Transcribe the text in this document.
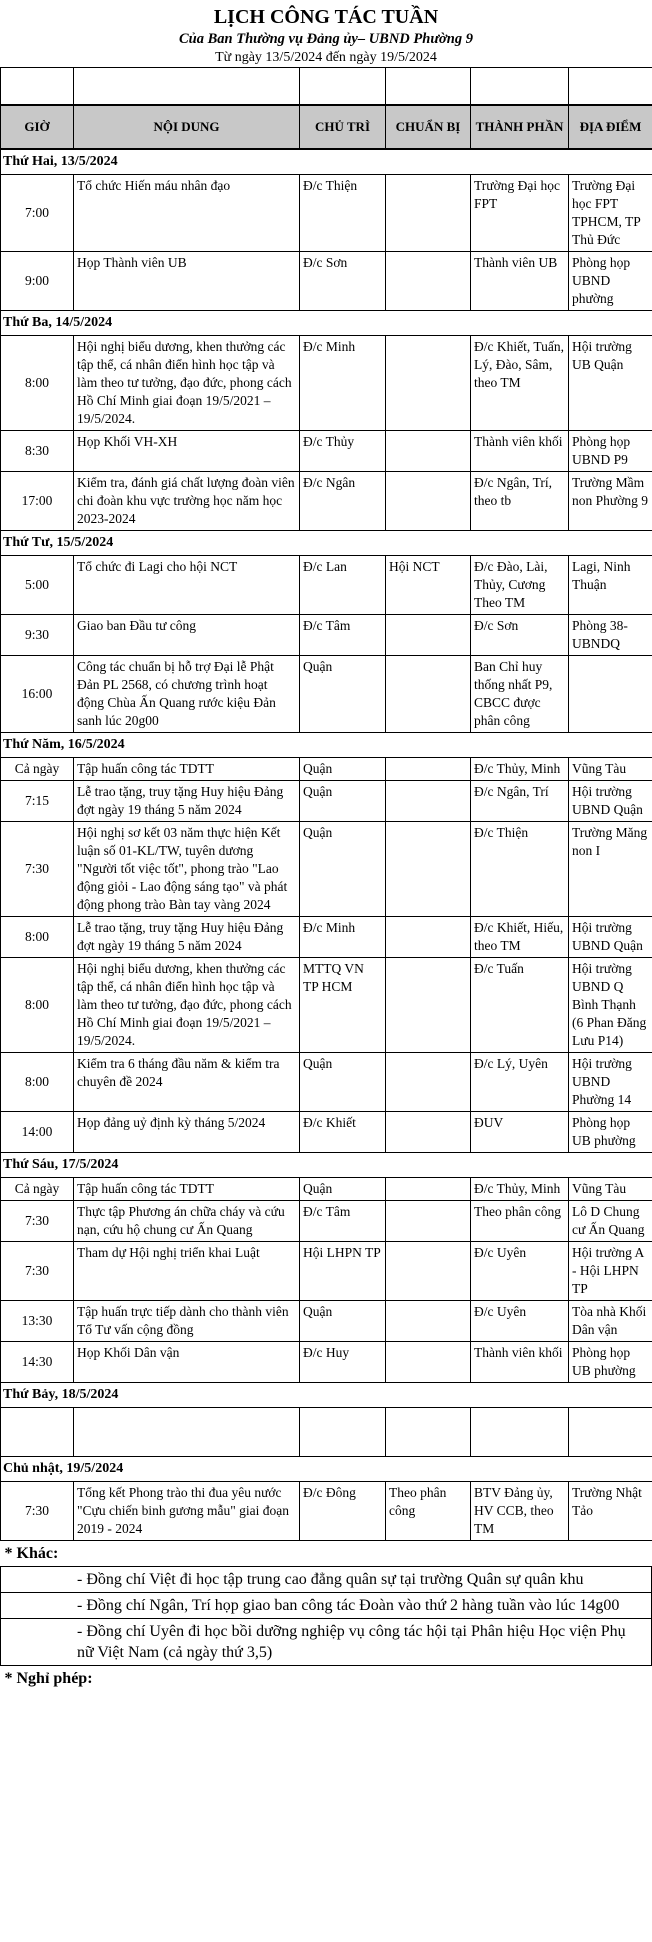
LỊCH CÔNG TÁC TUẦN
Của Ban Thường vụ Đảng ủy– UBND Phường 9
Từ ngày 13/5/2024 đến ngày 19/5/2024

GIỜ	NỘI DUNG	CHỦ TRÌ	CHUẨN BỊ	THÀNH PHẦN	ĐỊA ĐIỂM
Thứ Hai, 13/5/2024					
7:00	Tổ chức Hiến máu nhân đạo	Đ/c Thiện		Trường Đại học FPT	Trường Đại học FPT TPHCM, TP Thủ Đức
9:00	Họp Thành viên UB	Đ/c Sơn		Thành viên UB	Phòng họp UBND phường
Thứ Ba, 14/5/2024					
8:00	Hội nghị biểu dương, khen thưởng các tập thể, cá nhân điển hình học tập và làm theo tư tưởng, đạo đức, phong cách Hồ Chí Minh giai đoạn 19/5/2021 – 19/5/2024.	Đ/c Minh		Đ/c Khiết, Tuấn, Lý, Đào, Sâm, theo TM	Hội trường UB Quận
8:30	Họp Khối VH-XH	Đ/c Thủy		Thành viên khối	Phòng họp UBND P9
17:00	Kiểm tra, đánh giá chất lượng đoàn viên chi đoàn khu vực trường học năm học 2023-2024	Đ/c Ngân		Đ/c Ngân, Trí, theo tb	Trường Mầm non Phường 9
Thứ Tư, 15/5/2024					
5:00	Tổ chức đi Lagi cho hội NCT	Đ/c Lan	Hội NCT	Đ/c Đào, Lài, Thủy, Cương Theo TM	Lagi, Ninh Thuận
9:30	Giao ban Đầu tư công	Đ/c Tâm		Đ/c Sơn	Phòng 38-UBNDQ
16:00	Công tác chuẩn bị hỗ trợ Đại lễ Phật Đản PL 2568, có chương trình hoạt động Chùa Ấn Quang rước kiệu Đản sanh lúc 20g00	Quận		Ban Chỉ huy thống nhất P9, CBCC được phân công	
Thứ Năm, 16/5/2024					
Cả ngày	Tập huấn công tác TDTT	Quận		Đ/c Thủy, Minh	Vũng Tàu
7:15	Lễ trao tặng, truy tặng Huy hiệu Đảng đợt ngày 19 tháng 5 năm 2024	Quận		Đ/c Ngân, Trí	Hội trường UBND Quận
7:30	Hội nghị sơ kết 03 năm thực hiện Kết luận số 01-KL/TW, tuyên dương "Người tốt việc tốt", phong trào "Lao động giỏi - Lao động sáng tạo" và phát động phong trào Bàn tay vàng 2024	Quận		Đ/c Thiện	Trường Măng non I
8:00	Lễ trao tặng, truy tặng Huy hiệu Đảng đợt ngày 19 tháng 5 năm 2024	Đ/c Minh		Đ/c Khiết, Hiếu, theo TM	Hội trường UBND Quận
8:00	Hội nghị biểu dương, khen thưởng các tập thể, cá nhân điển hình học tập và làm theo tư tưởng, đạo đức, phong cách Hồ Chí Minh giai đoạn 19/5/2021 – 19/5/2024.	MTTQ VN TP HCM		Đ/c Tuấn	Hội trường UBND Q Bình Thạnh (6 Phan Đăng Lưu P14)
8:00	Kiểm tra 6 tháng đầu năm & kiểm tra chuyên đề 2024	Quận		Đ/c Lý, Uyên	Hội trường UBND Phường 14
14:00	Họp đảng uỷ định kỳ tháng 5/2024	Đ/c Khiết		ĐUV	Phòng họp UB phường
Thứ Sáu, 17/5/2024					
Cả ngày	Tập huấn công tác TDTT	Quận		Đ/c Thủy, Minh	Vũng Tàu
7:30	Thực tập Phương án chữa cháy và cứu nạn, cứu hộ chung cư Ấn Quang	Đ/c Tâm		Theo phân công	Lô D Chung cư Ấn Quang
7:30	Tham dự Hội nghị triển khai Luật	Hội LHPN TP		Đ/c Uyên	Hội trường A - Hội LHPN TP
13:30	Tập huấn trực tiếp dành cho thành viên Tổ Tư vấn cộng đồng	Quận		Đ/c Uyên	Tòa nhà Khối Dân vận
14:30	Họp Khối Dân vận	Đ/c Huy		Thành viên khối	Phòng họp UB phường
Thứ Bảy, 18/5/2024					

Chủ nhật, 19/5/2024					
7:30	Tổng kết Phong trào thi đua yêu nước "Cựu chiến binh gương mẫu" giai đoạn 2019 - 2024	Đ/c Đông	Theo phân công	BTV Đảng ủy, HV CCB, theo TM	Trường Nhật Tảo
* Khác:
- Đồng chí Việt đi học tập trung cao đẳng quân sự tại trường Quân sự quân khu
- Đồng chí Ngân, Trí họp giao ban công tác Đoàn vào thứ 2 hàng tuần vào lúc 14g00
- Đồng chí Uyên đi học bồi dưỡng nghiệp vụ công tác hội tại Phân hiệu Học viện Phụ nữ Việt Nam (cả ngày thứ 3,5)
* Nghỉ phép:
